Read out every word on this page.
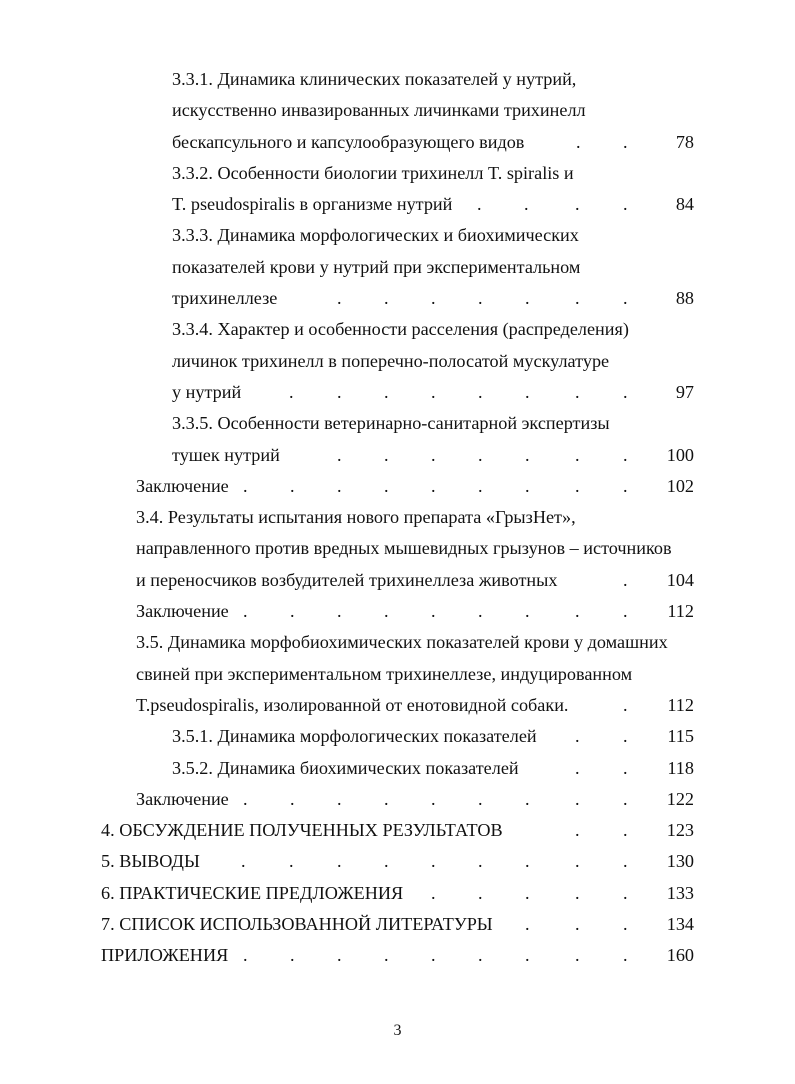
3.3.1. Динамика клинических показателей у нутрий,
искусственно инвазированных личинками трихинелл
бескапсульного и капсулообразующего видов	78
. .
3.3.2. Особенности биологии трихинелл T. spiralis и
T. pseudospiralis в организме нутрий	84
. .	. .
3.3.3. Динамика морфологических и биохимических
показателей крови у нутрий при экспериментальном
трихинеллезе	88
. . . . . . .
3.3.4. Характер и особенности расселения (распределения)
личинок трихинелл в поперечно-полосатой мускулатуре
у нутрий	97
. . . . . . . .
3.3.5. Особенности ветеринарно-санитарной экспертизы
тушек нутрий	100
. . . . . . .
Заключение	102
. . . . . . . . .
3.4. Результаты испытания нового препарата «ГрызНет»,
направленного против вредных мышевидных грызунов – источников
и переносчиков возбудителей трихинеллеза животных	104
.
Заключение	112
. . . . . . . . .
3.5. Динамика морфобиохимических показателей крови у домашних
свиней при экспериментальном трихинеллезе, индуцированном
T.pseudospiralis, изолированной от енотовидной собаки.	112
.
3.5.1. Динамика морфологических показателей	115
. .
3.5.2. Динамика биохимических показателей	118
. .
Заключение	122
. . . . . . . . .
4. ОБСУЖДЕНИЕ ПОЛУЧЕННЫХ РЕЗУЛЬТАТОВ	123
. .
5. ВЫВОДЫ	130
. . . . . . . . .
6. ПРАКТИЧЕСКИЕ ПРЕДЛОЖЕНИЯ	133
. . . . .
7. СПИСОК ИСПОЛЬЗОВАННОЙ ЛИТЕРАТУРЫ	134
. . .
ПРИЛОЖЕНИЯ	160
. . . . . . . . .
3
